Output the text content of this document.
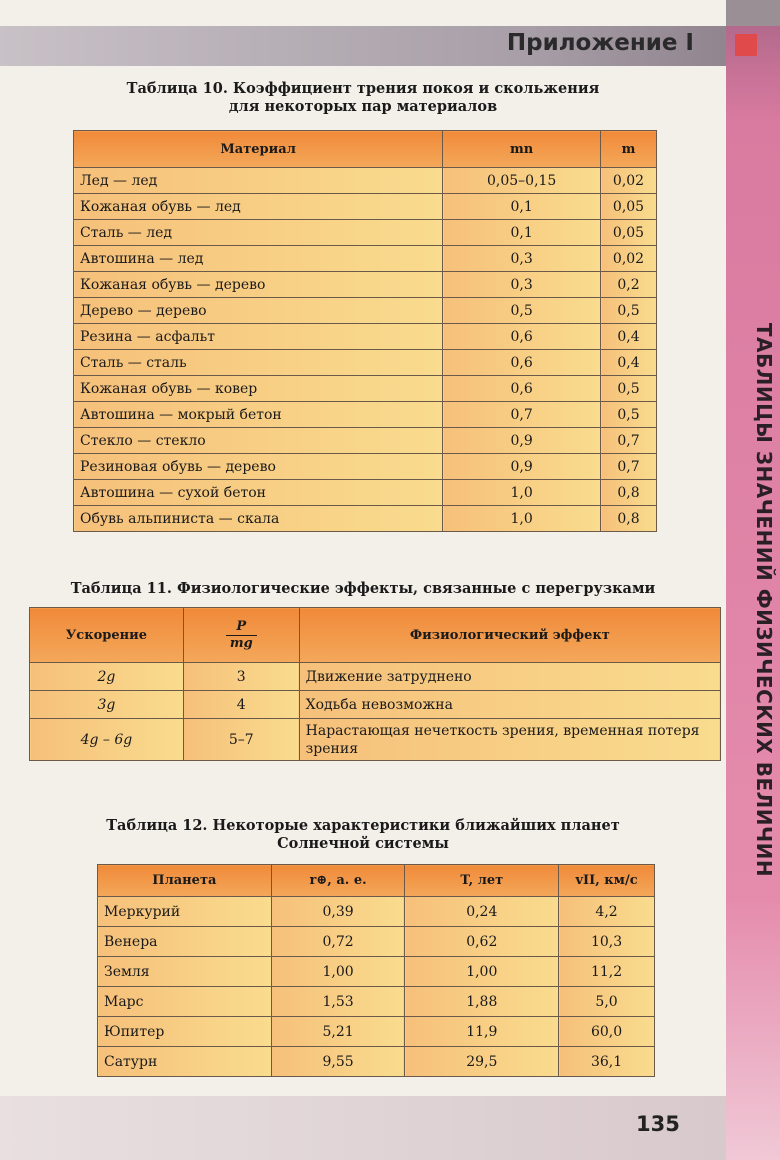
Приложение I
ТАБЛИЦЫ ЗНАЧЕНИЙ ФИЗИЧЕСКИХ ВЕЛИЧИН
Таблица 10. Коэффициент трения покоя и скольжения
для некоторых пар материалов
Материал	mn	m
Лед — лед	0,05–0,15	0,02
Кожаная обувь — лед	0,1	0,05
Сталь — лед	0,1	0,05
Автошина — лед	0,3	0,02
Кожаная обувь — дерево	0,3	0,2
Дерево — дерево	0,5	0,5
Резина — асфальт	0,6	0,4
Сталь — сталь	0,6	0,4
Кожаная обувь — ковер	0,6	0,5
Автошина — мокрый бетон	0,7	0,5
Стекло — стекло	0,9	0,7
Резиновая обувь — дерево	0,9	0,7
Автошина — сухой бетон	1,0	0,8
Обувь альпиниста — скала	1,0	0,8
Таблица 11. Физиологические эффекты, связанные с перегрузками
Ускорение	$\frac{P}{mg}$	Физиологический эффект
2g	3	Движение затруднено
3g	4	Ходьба невозможна
4g – 6g	5–7	Нарастающая нечеткость зрения, временная потеря зрения
Таблица 12. Некоторые характеристики ближайших планет
Солнечной системы
Планета	r⊕, а. е.	T, лет	vII, км/с
Меркурий	0,39	0,24	4,2
Венера	0,72	0,62	10,3
Земля	1,00	1,00	11,2
Марс	1,53	1,88	5,0
Юпитер	5,21	11,9	60,0
Сатурн	9,55	29,5	36,1
135
